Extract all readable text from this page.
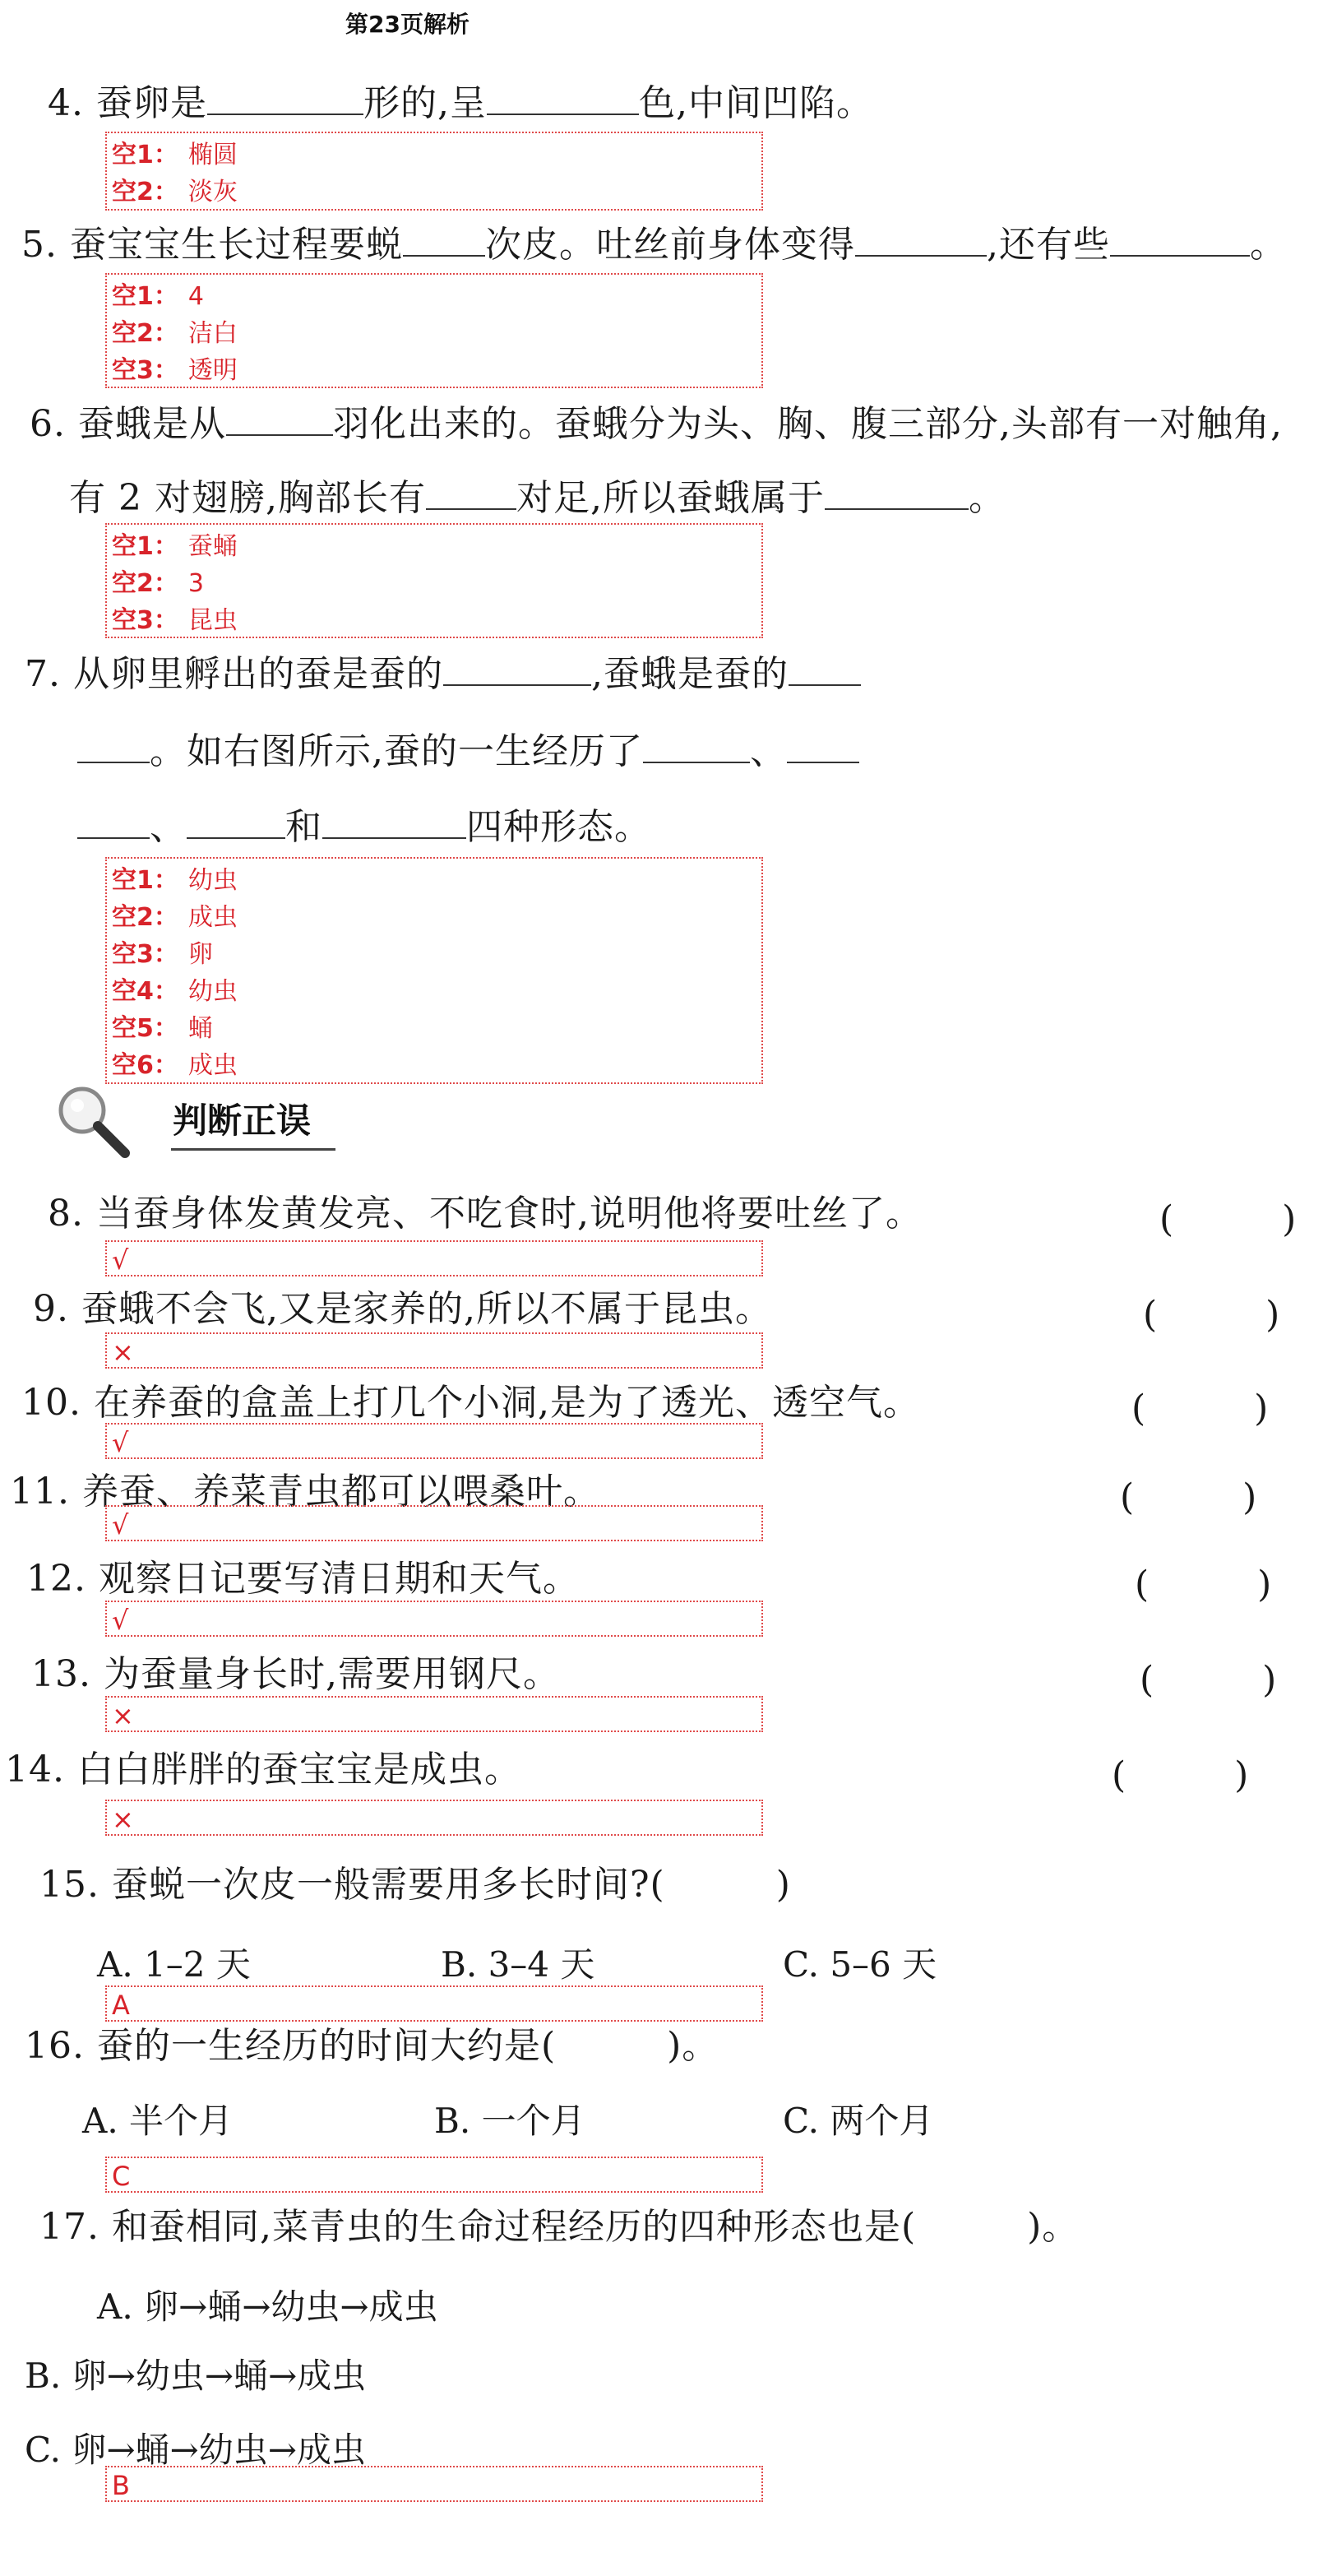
第23页解析
4. 蚕卵是	形的,呈	色,中间凹陷。
空1： 椭圆
空2： 淡灰
5. 蚕宝宝生长过程要蜕 次皮。吐丝前身体变得	,还有些	。
空1： 4
空2： 洁白
空3： 透明
6. 蚕蛾是从	羽化出来的。蚕蛾分为头、胸、腹三部分,头部有一对触角,
有 2 对翅膀,胸部长有	对足,所以蚕蛾属于	。
空1： 蚕蛹
空2： 3
空3： 昆虫
7. 从卵里孵出的蚕是蚕的	,蚕蛾是蚕的
。如右图所示,蚕的一生经历了	、
、	和	四种形态。
空1： 幼虫
空2： 成虫
空3： 卵
空4： 幼虫
空5： 蛹
空6： 成虫
判断正误
8. 当蚕身体发黄发亮、不吃食时,说明他将要吐丝了。	(　　　)
√
9. 蚕蛾不会飞,又是家养的,所以不属于昆虫。	(　　　)
×
10. 在养蚕的盒盖上打几个小洞,是为了透光、透空气。	(　　　)
√
11. 养蚕、养菜青虫都可以喂桑叶。	(　　　)
√
12. 观察日记要写清日期和天气。	(　　　)
√
13. 为蚕量身长时,需要用钢尺。	(　　　)
×
14. 白白胖胖的蚕宝宝是成虫。	(　　　)
×
15. 蚕蜕一次皮一般需要用多长时间?(　　　)
A. 1–2 天	B. 3–4 天	C. 5–6 天
A
16. 蚕的一生经历的时间大约是(　　　)。
A. 半个月	B. 一个月	C. 两个月
C
17. 和蚕相同,菜青虫的生命过程经历的四种形态也是(　　　)。
A. 卵→蛹→幼虫→成虫
B. 卵→幼虫→蛹→成虫
C. 卵→蛹→幼虫→成虫
B
